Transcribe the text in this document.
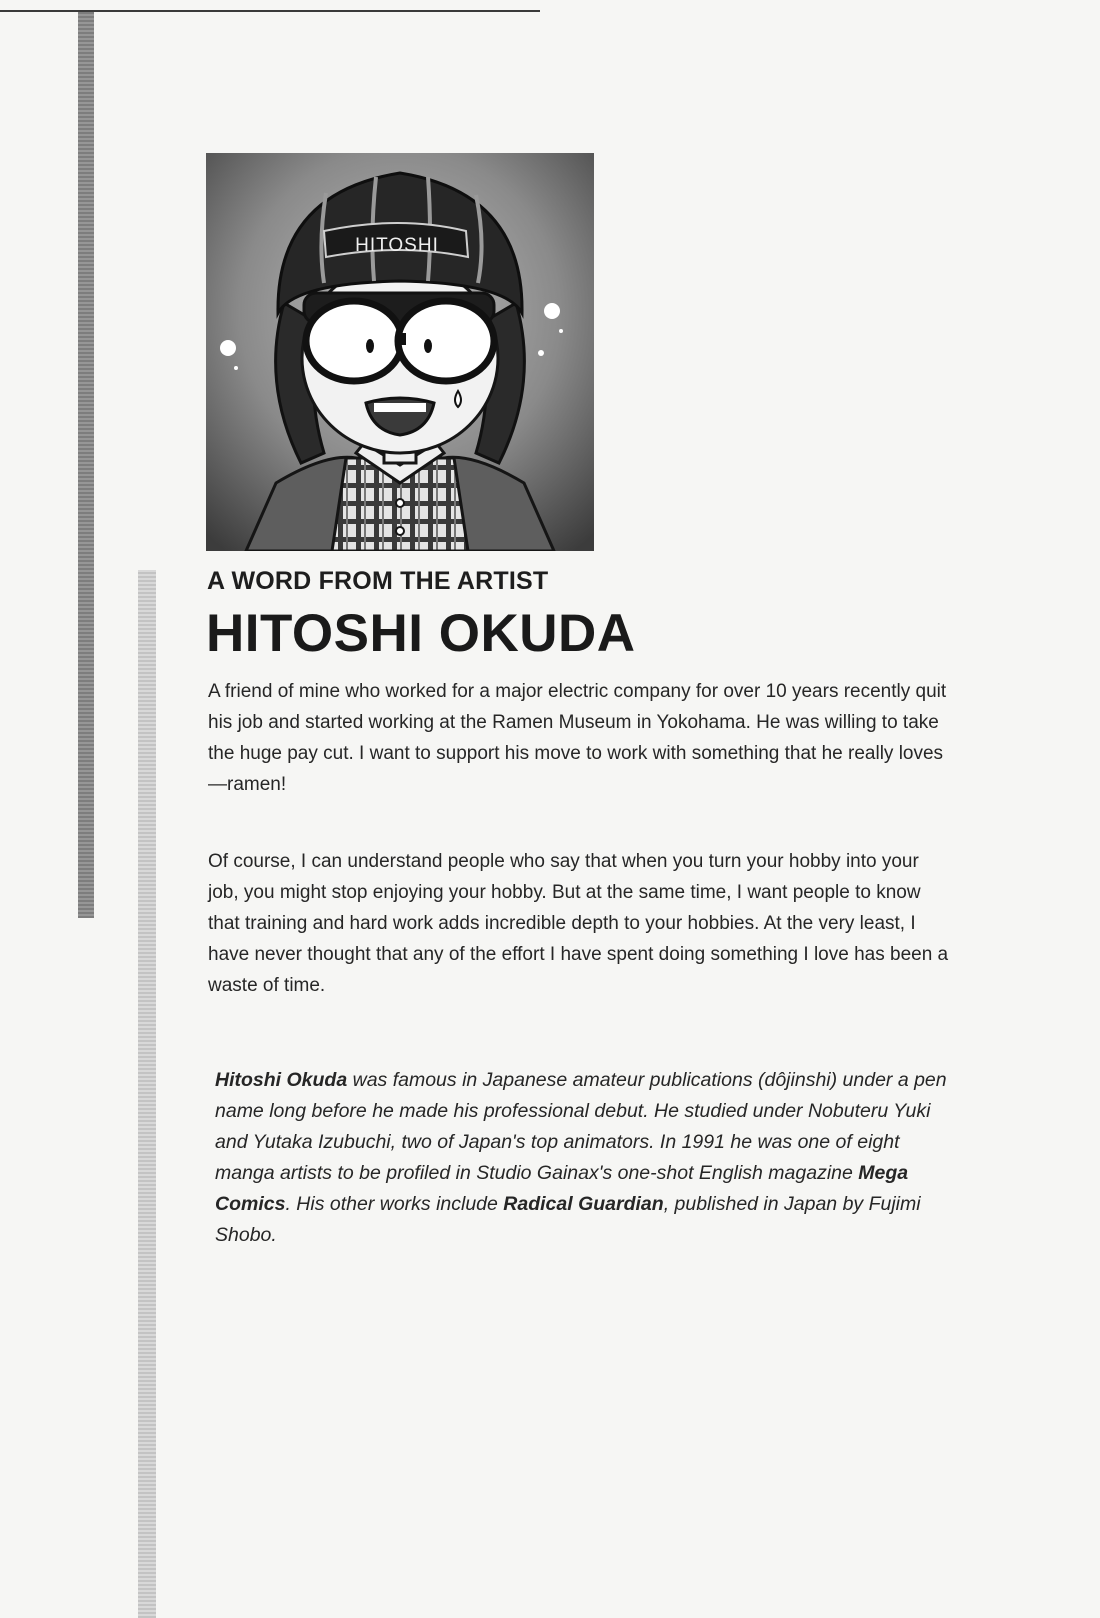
HITOSHI
A WORD FROM THE ARTIST
HITOSHI OKUDA

A friend of mine who worked for a major electric company for over 10 years recently quit his job and started working at the Ramen Museum in Yokohama. He was willing to take the huge pay cut. I want to support his move to work with something that he really loves—ramen!

Of course, I can understand people who say that when you turn your hobby into your job, you might stop enjoying your hobby. But at the same time, I want people to know that training and hard work adds incredible depth to your hobbies. At the very least, I have never thought that any of the effort I have spent doing something I love has been a waste of time.

Hitoshi Okuda was famous in Japanese amateur publications (dôjinshi) under a pen name long before he made his professional debut. He studied under Nobuteru Yuki and Yutaka Izubuchi, two of Japan's top animators. In 1991 he was one of eight manga artists to be profiled in Studio Gainax's one-shot English magazine Mega Comics. His other works include Radical Guardian, published in Japan by Fujimi Shobo.
